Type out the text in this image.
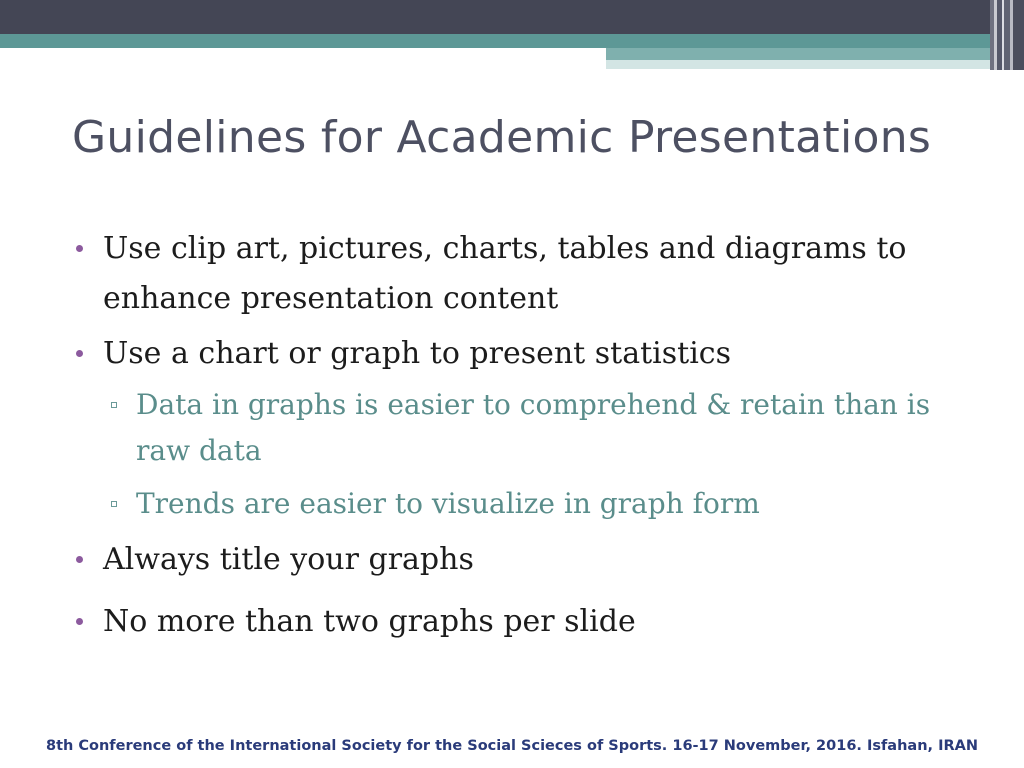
Guidelines for Academic Presentations
Use clip art, pictures, charts, tables and diagrams to enhance presentation content
Use a chart or graph to present statistics
Data in graphs is easier to comprehend & retain than is raw data
Trends are easier to visualize in graph form
Always title your graphs
No more than two graphs per slide
8th Conference of the International Society for the Social Scieces of Sports. 16-17 November, 2016. Isfahan, IRAN
